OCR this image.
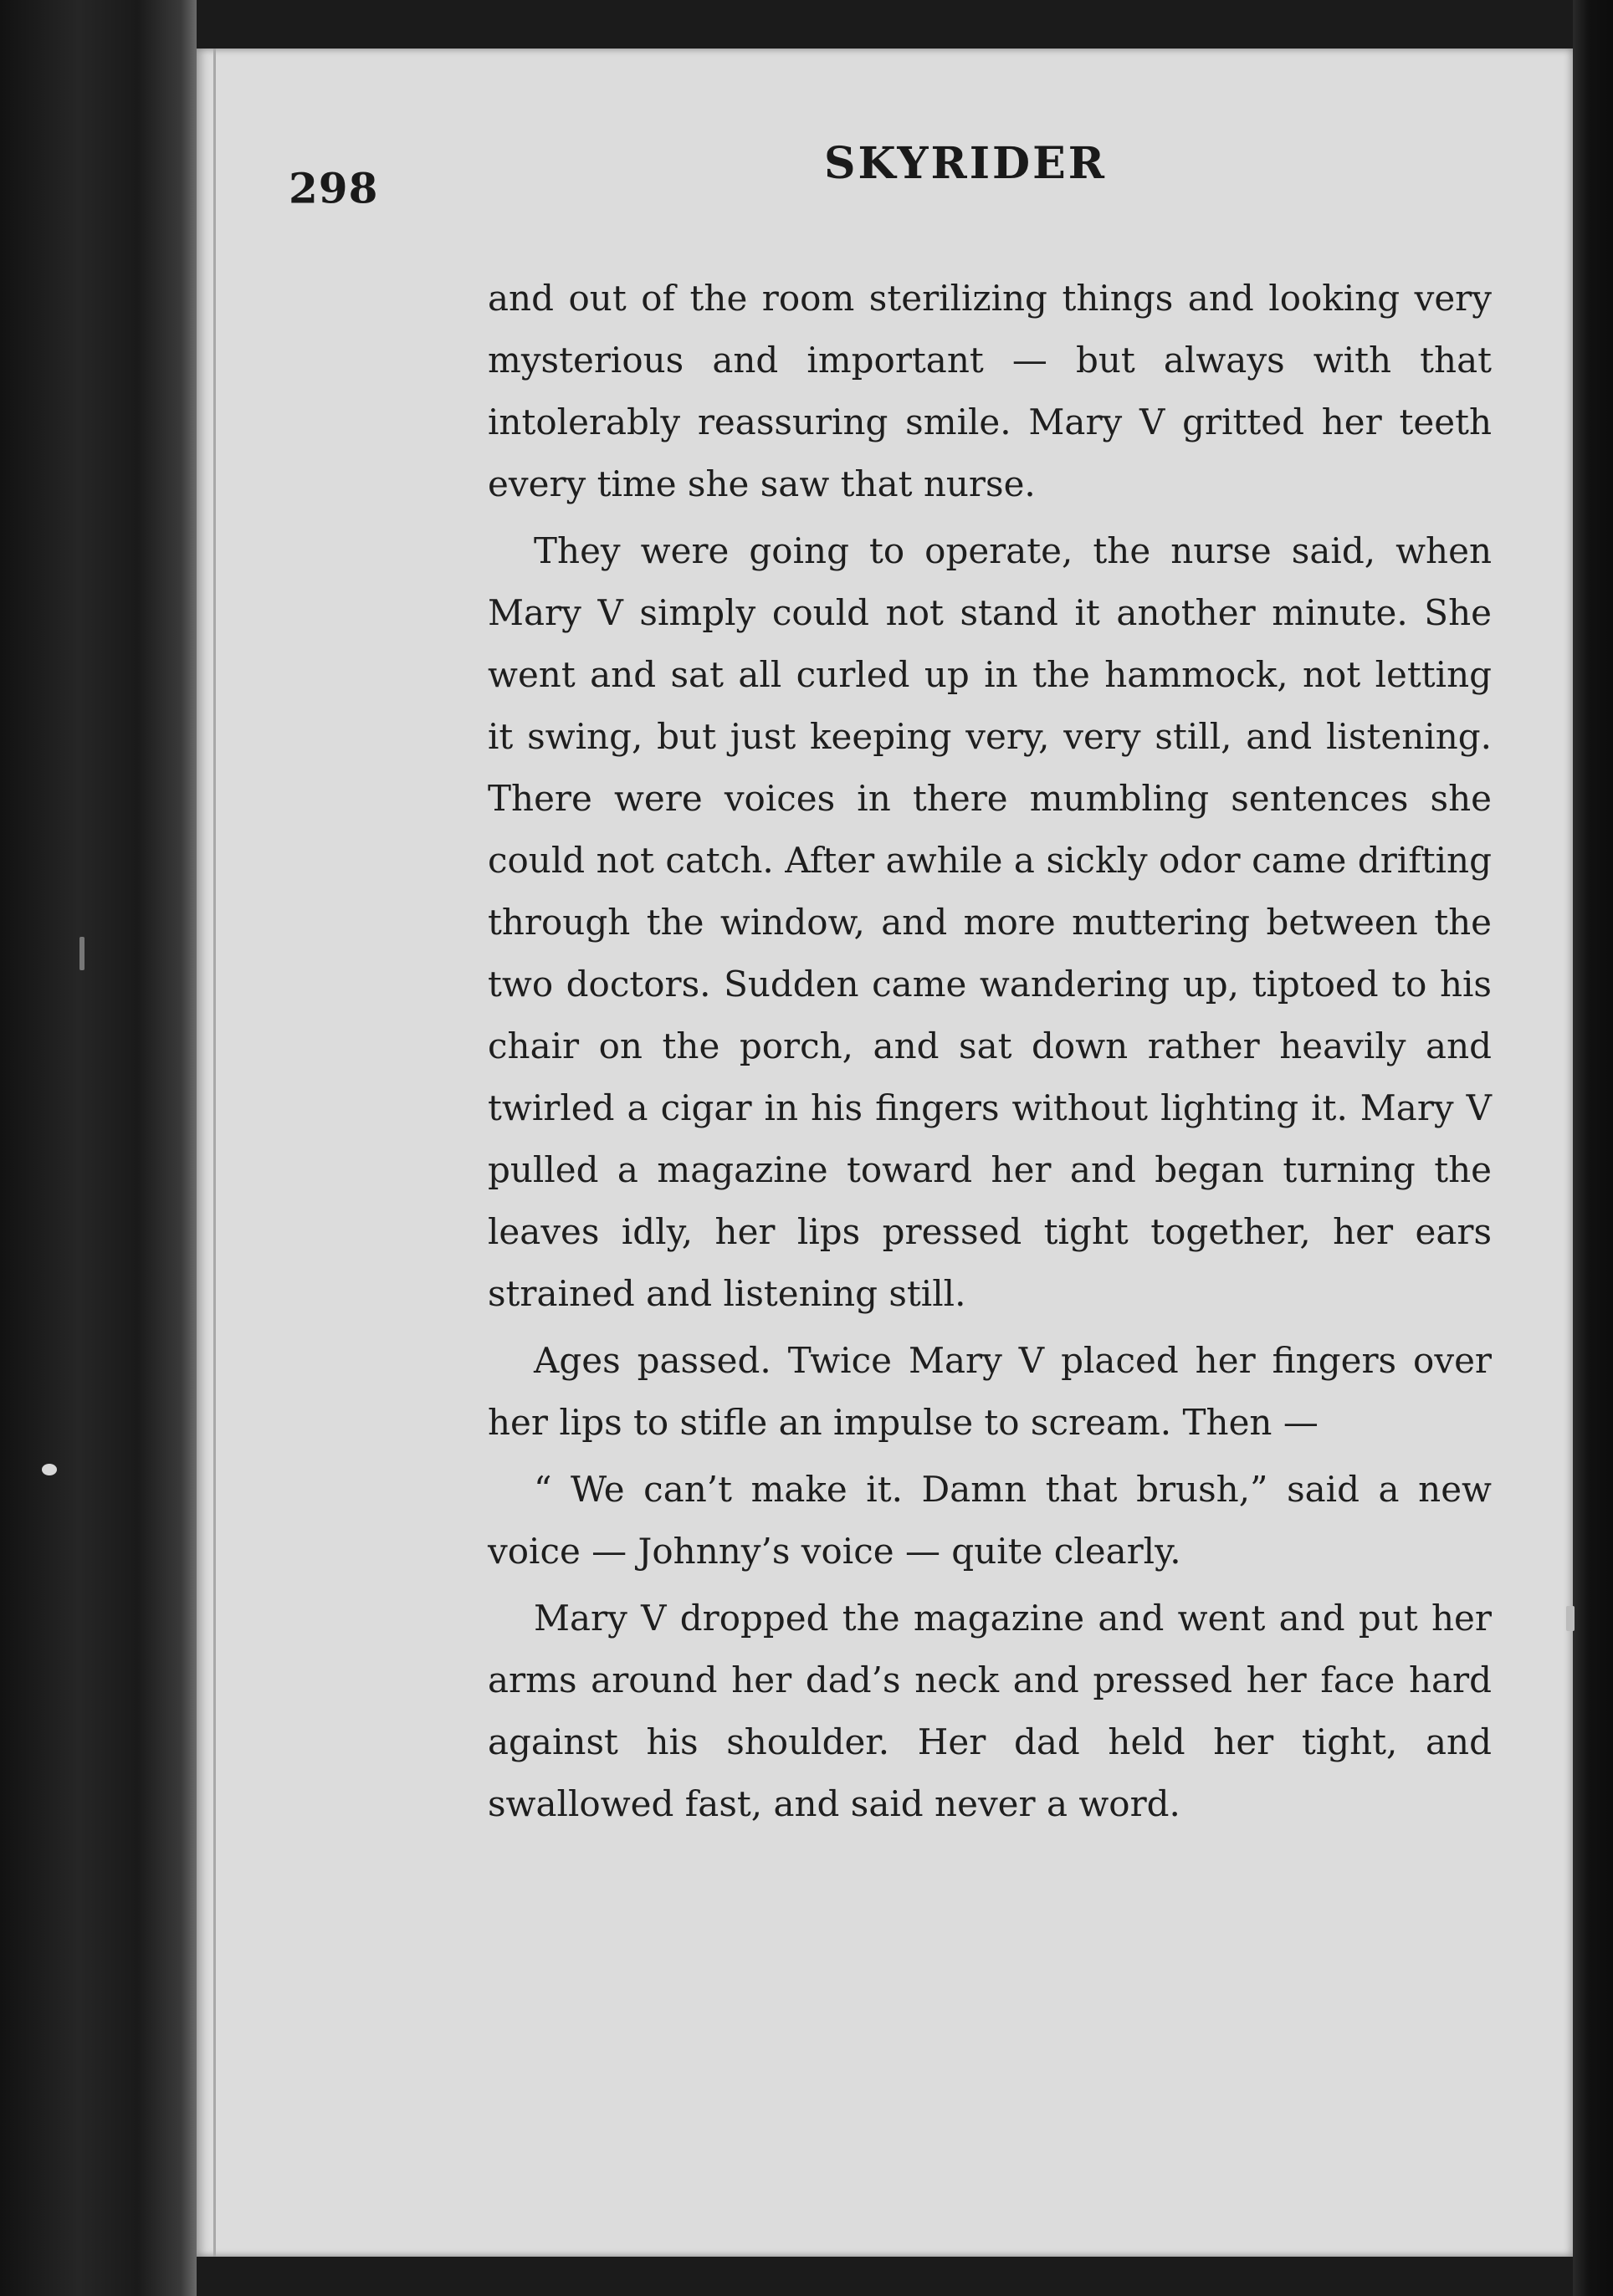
298	SKYRIDER

and out of the room sterilizing things and looking very mysterious and important — but always with that intolerably reassuring smile. Mary V gritted her teeth every time she saw that nurse.

They were going to operate, the nurse said, when Mary V simply could not stand it another minute. She went and sat all curled up in the hammock, not letting it swing, but just keeping very, very still, and listening. There were voices in there mumbling sentences she could not catch. After awhile a sickly odor came drifting through the window, and more muttering between the two doctors. Sudden came wandering up, tiptoed to his chair on the porch, and sat down rather heavily and twirled a cigar in his fingers without lighting it. Mary V pulled a magazine toward her and began turning the leaves idly, her lips pressed tight together, her ears strained and listening still.

Ages passed. Twice Mary V placed her fingers over her lips to stifle an impulse to scream. Then —

“ We can’t make it. Damn that brush,” said a new voice — Johnny’s voice — quite clearly.

Mary V dropped the magazine and went and put her arms around her dad’s neck and pressed her face hard against his shoulder. Her dad held her tight, and swallowed fast, and said never a word.
